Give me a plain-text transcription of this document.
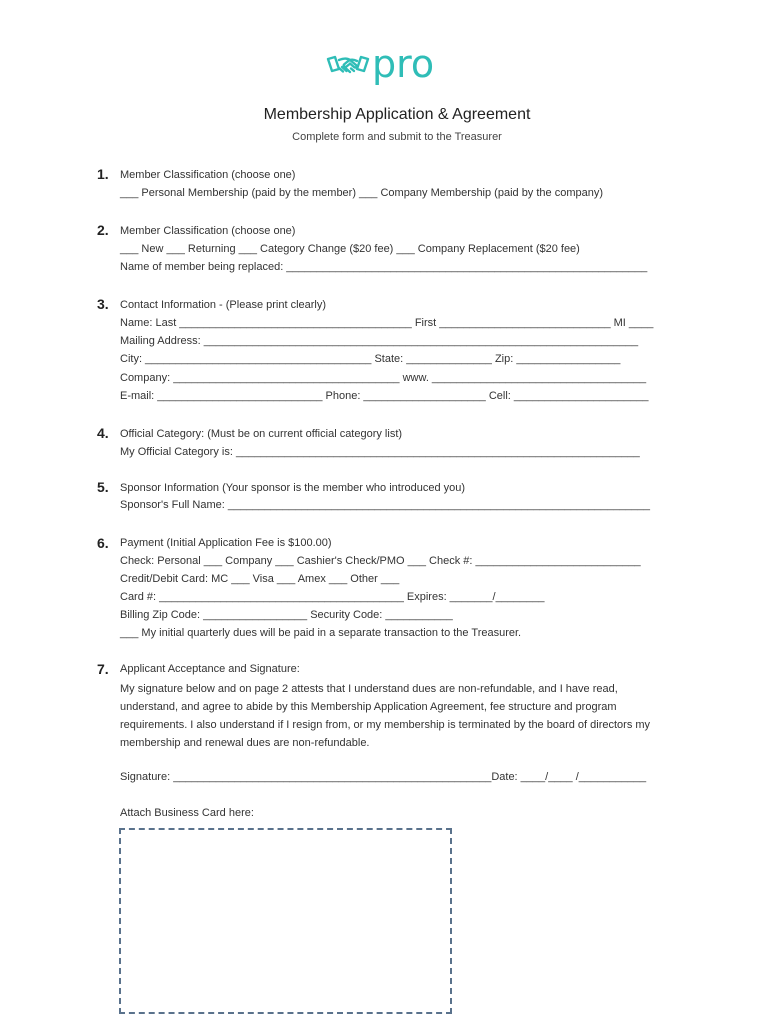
pro
Membership Application & Agreement
Complete form and submit to the Treasurer
1. Member Classification (choose one)
___ Personal Membership (paid by the member) ___ Company Membership (paid by the company)
2. Member Classification (choose one)
___ New ___ Returning ___ Category Change ($20 fee) ___ Company Replacement ($20 fee)
Name of member being replaced: ___________________________________________________________
3. Contact Information - (Please print clearly)
Name: Last ______________________________________ First ____________________________ MI ____
Mailing Address: _______________________________________________________________________
City: _____________________________________ State: ______________ Zip: _________________
Company: _____________________________________ www. ___________________________________
E-mail: ___________________________ Phone: ____________________ Cell: ______________________
4. Official Category: (Must be on current official category list)
My Official Category is: __________________________________________________________________
5. Sponsor Information (Your sponsor is the member who introduced you)
Sponsor's Full Name: _____________________________________________________________________
6. Payment (Initial Application Fee is $100.00)
Check: Personal ___ Company ___ Cashier's Check/PMO ___ Check #: ___________________________
Credit/Debit Card: MC ___ Visa ___ Amex ___ Other ___
Card #: ________________________________________ Expires: _______/________
Billing Zip Code: _________________ Security Code: ___________
___ My initial quarterly dues will be paid in a separate transaction to the Treasurer.
7. Applicant Acceptance and Signature:
My signature below and on page 2 attests that I understand dues are non-refundable, and I have read, understand, and agree to abide by this Membership Application Agreement, fee structure and program requirements. I also understand if I resign from, or my membership is terminated by the board of directors my membership and renewal dues are non-refundable.
Signature: ____________________________________________________Date: ____/____ /___________
Attach Business Card here:
